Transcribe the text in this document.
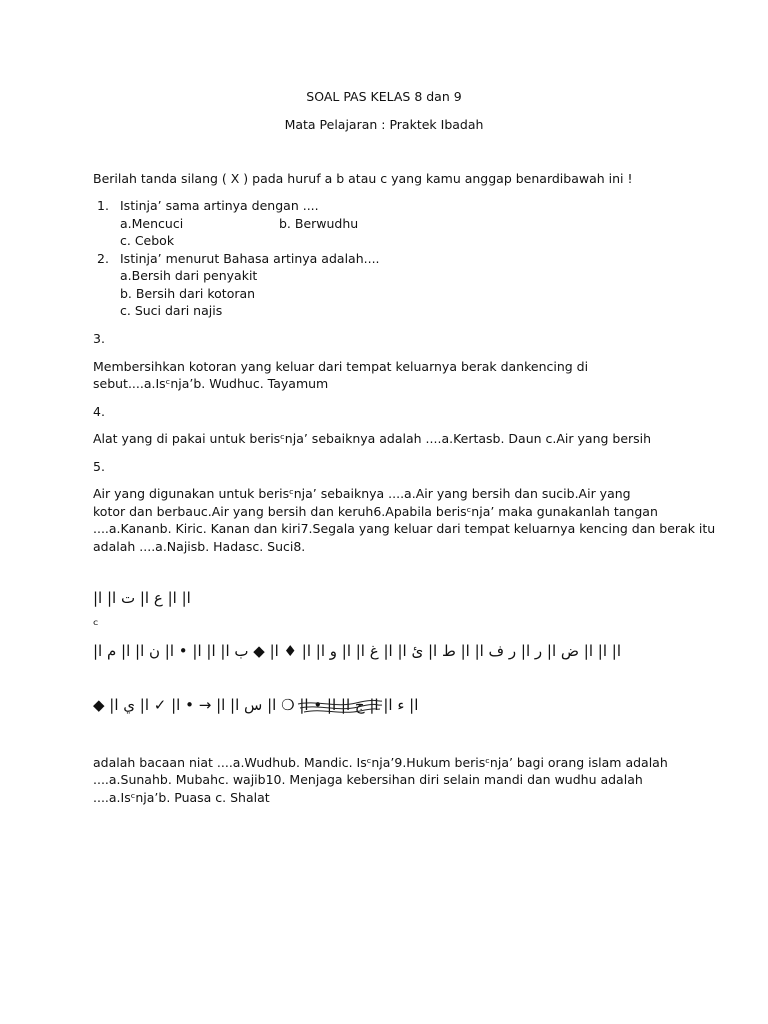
SOAL PAS KELAS 8 dan 9
Mata Pelajaran : Praktek Ibadah
Berilah tanda silang ( X ) pada huruf a b atau c yang kamu anggap benardibawah ini !
1. Istinja’ sama artinya dengan ....
a.Mencuci	b. Berwudhu
c. Cebok
2. Istinja’ menurut Bahasa artinya adalah....
a.Bersih dari penyakit
b. Bersih dari kotoran
c. Suci dari najis
3.
Membersihkan kotoran yang keluar dari tempat keluarnya berak dankencing di
sebut....a.Isᶜnja’b. Wudhuc. Tayamum
4.
Alat yang di pakai untuk berisᶜnja’ sebaiknya adalah ....a.Kertasb. Daun c.Air yang bersih
5.
Air yang digunakan untuk berisᶜnja’ sebaiknya ....a.Air yang bersih dan sucib.Air yang
kotor dan berbauc.Air yang bersih dan keruh6.Apabila berisᶜnja’ maka gunakanlah tangan
....a.Kananb. Kiric. Kanan dan kiri7.Segala yang keluar dari tempat keluarnya kencing dan berak itu
adalah ....a.Najisb. Hadasc. Suci8.
ا| ا| ع ا| ت ا| ا|
ᶜ
ا| ا| ا| ض ا| ر ا| ر ف ا| ا| ط ا| ئ ا| ا| غ ا| ا| و ا| ا| ♦ ا| ◆ ب ا| ا| ا| • ا| ن ا| ا| م ا|
ا| ء ا| ا| ج ا| ا| • ا| ❍ ا| س ا| ا| → • ا| ✓ ا| ي ا| ◆
adalah bacaan niat ....a.Wudhub. Mandic. Isᶜnja’9.Hukum berisᶜnja’ bagi orang islam adalah
....a.Sunahb. Mubahc. wajib10. Menjaga kebersihan diri selain mandi dan wudhu adalah
....a.Isᶜnja’b. Puasa c. Shalat
